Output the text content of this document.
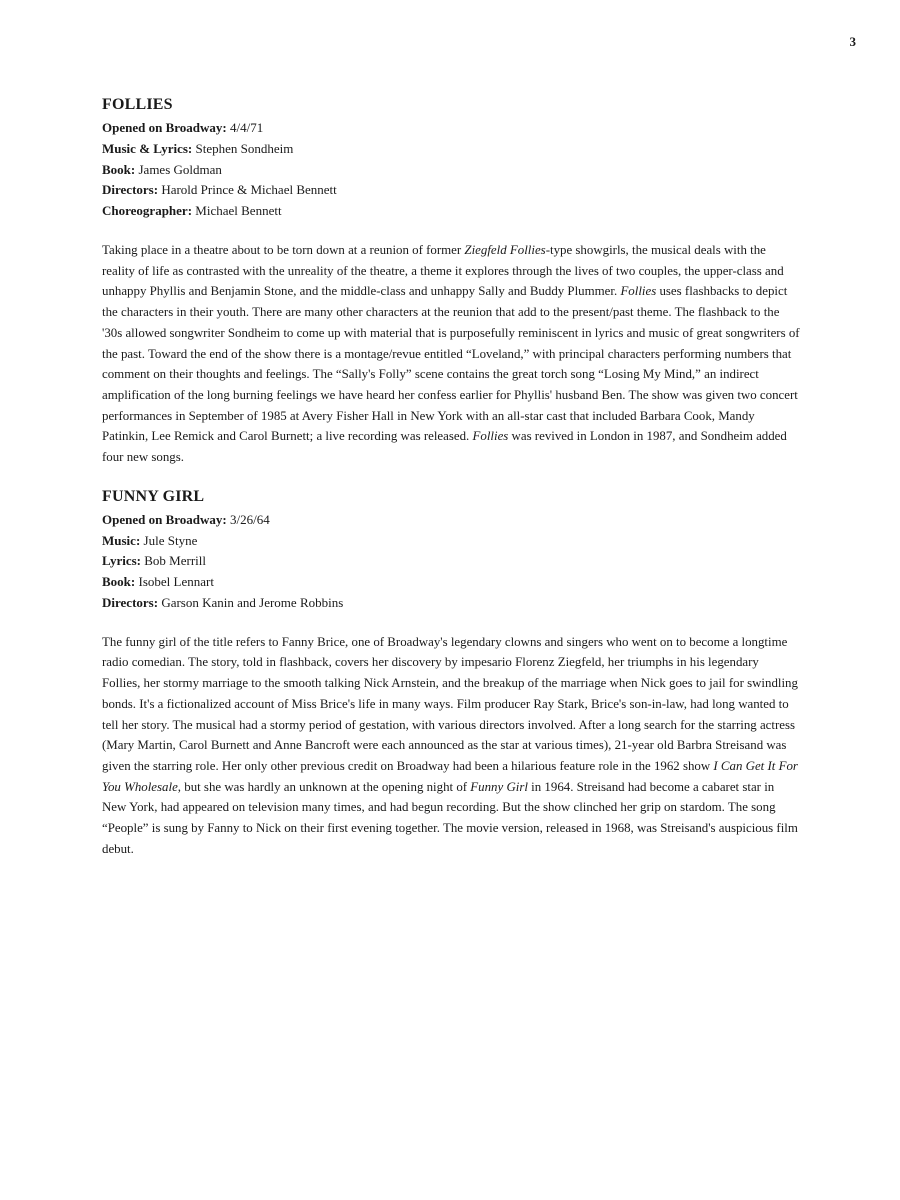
3
FOLLIES
Opened on Broadway: 4/4/71
Music & Lyrics: Stephen Sondheim
Book: James Goldman
Directors: Harold Prince & Michael Bennett
Choreographer: Michael Bennett

Taking place in a theatre about to be torn down at a reunion of former Ziegfeld Follies-type showgirls, the musical deals with the reality of life as contrasted with the unreality of the theatre, a theme it explores through the lives of two couples, the upper-class and unhappy Phyllis and Benjamin Stone, and the middle-class and unhappy Sally and Buddy Plummer. Follies uses flashbacks to depict the characters in their youth. There are many other characters at the reunion that add to the present/past theme. The flashback to the '30s allowed songwriter Sondheim to come up with material that is purposefully reminiscent in lyrics and music of great songwriters of the past. Toward the end of the show there is a montage/revue entitled “Loveland,” with principal characters performing numbers that comment on their thoughts and feelings. The “Sally's Folly” scene contains the great torch song “Losing My Mind,” an indirect amplification of the long burning feelings we have heard her confess earlier for Phyllis' husband Ben. The show was given two concert performances in September of 1985 at Avery Fisher Hall in New York with an all-star cast that included Barbara Cook, Mandy Patinkin, Lee Remick and Carol Burnett; a live recording was released. Follies was revived in London in 1987, and Sondheim added four new songs.

FUNNY GIRL
Opened on Broadway: 3/26/64
Music: Jule Styne
Lyrics: Bob Merrill
Book: Isobel Lennart
Directors: Garson Kanin and Jerome Robbins

The funny girl of the title refers to Fanny Brice, one of Broadway's legendary clowns and singers who went on to become a longtime radio comedian. The story, told in flashback, covers her discovery by impesario Florenz Ziegfeld, her triumphs in his legendary Follies, her stormy marriage to the smooth talking Nick Arnstein, and the breakup of the marriage when Nick goes to jail for swindling bonds. It's a fictionalized account of Miss Brice's life in many ways. Film producer Ray Stark, Brice's son-in-law, had long wanted to tell her story. The musical had a stormy period of gestation, with various directors involved. After a long search for the starring actress (Mary Martin, Carol Burnett and Anne Bancroft were each announced as the star at various times), 21-year old Barbra Streisand was given the starring role. Her only other previous credit on Broadway had been a hilarious feature role in the 1962 show I Can Get It For You Wholesale, but she was hardly an unknown at the opening night of Funny Girl in 1964. Streisand had become a cabaret star in New York, had appeared on television many times, and had begun recording. But the show clinched her grip on stardom. The song “People” is sung by Fanny to Nick on their first evening together. The movie version, released in 1968, was Streisand's auspicious film debut.
